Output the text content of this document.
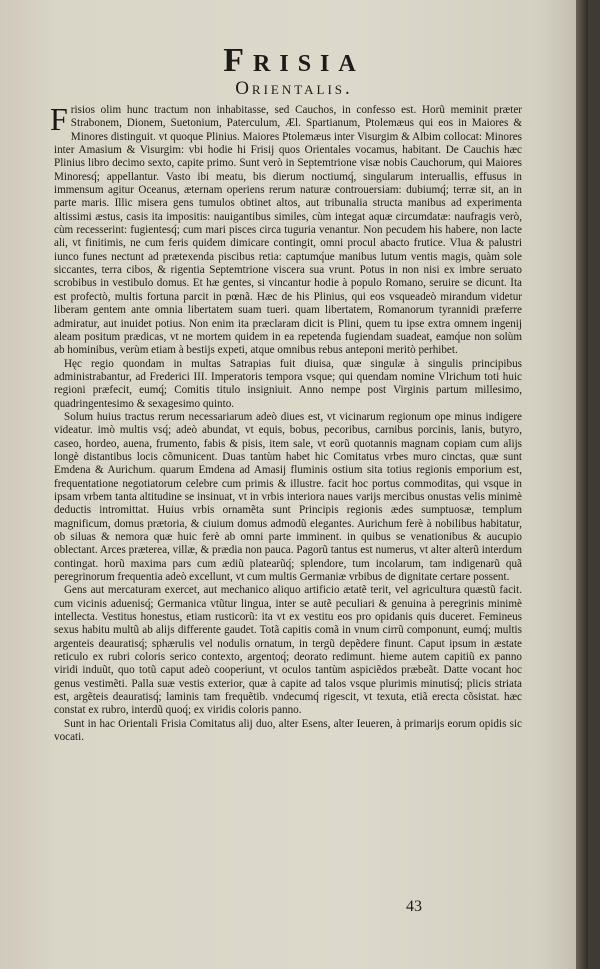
Frisia
Orientalis.

Frisios olim hunc tractum non inhabitasse, sed Cauchos, in confesso est. Horũ meminit præter Strabonem, Dionem, Suetonium, Paterculum, Æl. Spartianum, Ptolemæus qui eos in Maiores & Minores distinguit. vt quoque Plinius. Maiores Ptolemæus inter Visurgim & Albim collocat: Minores inter Amasium & Visurgim: vbi hodie hi Frisij quos Orientales vocamus, habitant. De Cauchis hæc Plinius libro decimo sexto, capite primo. Sunt verò in Septemtrione visæ nobis Cauchorum, qui Maiores Minoresq́; appellantur. Vasto ibi meatu, bis dierum noctiumq́, singularum interuallis, effusus in immensum agitur Oceanus, æternam operiens rerum naturæ controuersiam: dubiumq́; terræ sit, an in parte maris. Illic misera gens tumulos obtinet altos, aut tribunalia structa manibus ad experimenta altissimi æstus, casis ita impositis: nauigantibus similes, cùm integat aquæ circumdatæ: naufragis verò, cùm recesserint: fugientesq́; cum mari pisces circa tuguria venantur. Non pecudem his habere, non lacte ali, vt finitimis, ne cum feris quidem dimicare contingit, omni procul abacto frutice. Vlua & palustri iunco funes nectunt ad prætexenda piscibus retia: captumq́ue manibus lutum ventis magis, quàm sole siccantes, terra cibos, & rigentia Septemtrione viscera sua vrunt. Potus in non nisi ex imbre seruato scrobibus in vestibulo domus. Et hæ gentes, si vincantur hodie à populo Romano, seruire se dicunt. Ita est profectò, multis fortuna parcit in pœnã. Hæc de his Plinius, qui eos vsqueadeò mirandum videtur liberam gentem ante omnia libertatem suam tueri. quam libertatem, Romanorum tyrannidi præferre admiratur, aut inuidet potius. Non enim ita præclaram dicit is Plini, quem tu ipse extra omnem ingenij aleam positum prædicas, vt ne mortem quidem in ea repetenda fugiendam suadeat, eamq́ue non solùm ab hominibus, verùm etiam à bestijs expeti, atque omnibus rebus anteponi meritò perhibet.

Hęc regio quondam in multas Satrapias fuit diuisa, quæ singulæ à singulis principibus administrabantur, ad Frederici III. Imperatoris tempora vsque; qui quendam nomine Vlrichum toti huic regioni præfecit, eumq́; Comitis titulo insigniuit. Anno nempe post Virginis partum millesimo, quadringentesimo & sexagesimo quinto.

Solum huius tractus rerum necessariarum adeò diues est, vt vicinarum regionum ope minus indigere videatur. imò multis vsq́; adeò abundat, vt equis, bobus, pecoribus, carnibus porcinis, lanis, butyro, caseo, hordeo, auena, frumento, fabis & pisis, item sale, vt eorũ quotannis magnam copiam cum alijs longè distantibus locis cõmunicent. Duas tantùm habet hic Comitatus vrbes muro cinctas, quæ sunt Emdena & Aurichum. quarum Emdena ad Amasij fluminis ostium sita totius regionis emporium est, frequentatione negotiatorum celebre cum primis & illustre. facit hoc portus commoditas, qui vsque in ipsam vrbem tanta altitudine se insinuat, vt in vrbis interiora naues varijs mercibus onustas velis minimè deductis intromittat. Huius vrbis ornamẽta sunt Principis regionis ædes sumptuosæ, templum magnificum, domus prætoria, & ciuium domus admodũ elegantes. Aurichum ferè à nobilibus habitatur, ob siluas & nemora quæ huic ferè ab omni parte imminent. in quibus se venationibus & aucupio oblectant. Arces præterea, villæ, & prædia non pauca. Pagorũ tantus est numerus, vt alter alterũ interdum contingat. horũ maxima pars cum ædiũ platearũq́; splendore, tum incolarum, tam indigenarũ quã peregrinorum frequentia adeò excellunt, vt cum multis Germaniæ vrbibus de dignitate certare possent.

Gens aut mercaturam exercet, aut mechanico aliquo artificio ætatẽ terit, vel agricultura quæstũ facit. cum vicinis aduenisq́; Germanica vtũtur lingua, inter se autẽ peculiari & genuina à peregrinis minimè intellecta. Vestitus honestus, etiam rusticorũ: ita vt ex vestitu eos pro opidanis quis duceret. Femineus sexus habitu multũ ab alijs differente gaudet. Totã capitis comã in vnum cirrũ componunt, eumq́; multis argenteis deauratisq́; sphærulis vel nodulis ornatum, in tergũ depẽdere finunt. Caput ipsum in æstate reticulo ex rubri coloris serico contexto, argentoq́; deorato redimunt. hieme autem capitiũ ex panno viridi induũt, quo totũ caput adeò cooperiunt, vt oculos tantùm aspiciẽdos præbeãt. Datte vocant hoc genus vestimẽti. Palla suæ vestis exterior, quæ à capite ad talos vsque plurimis minutisq́; plicis striata est, argẽteis deauratisq́; laminis tam frequẽtib. vndecumq́ rigescit, vt texuta, etiã erecta cõsistat. hæc constat ex rubro, interdũ quoq́; ex viridis coloris panno.

Sunt in hac Orientali Frisia Comitatus alij duo, alter Esens, alter Ieueren, à primarijs eorum opidis sic vocati.

43
